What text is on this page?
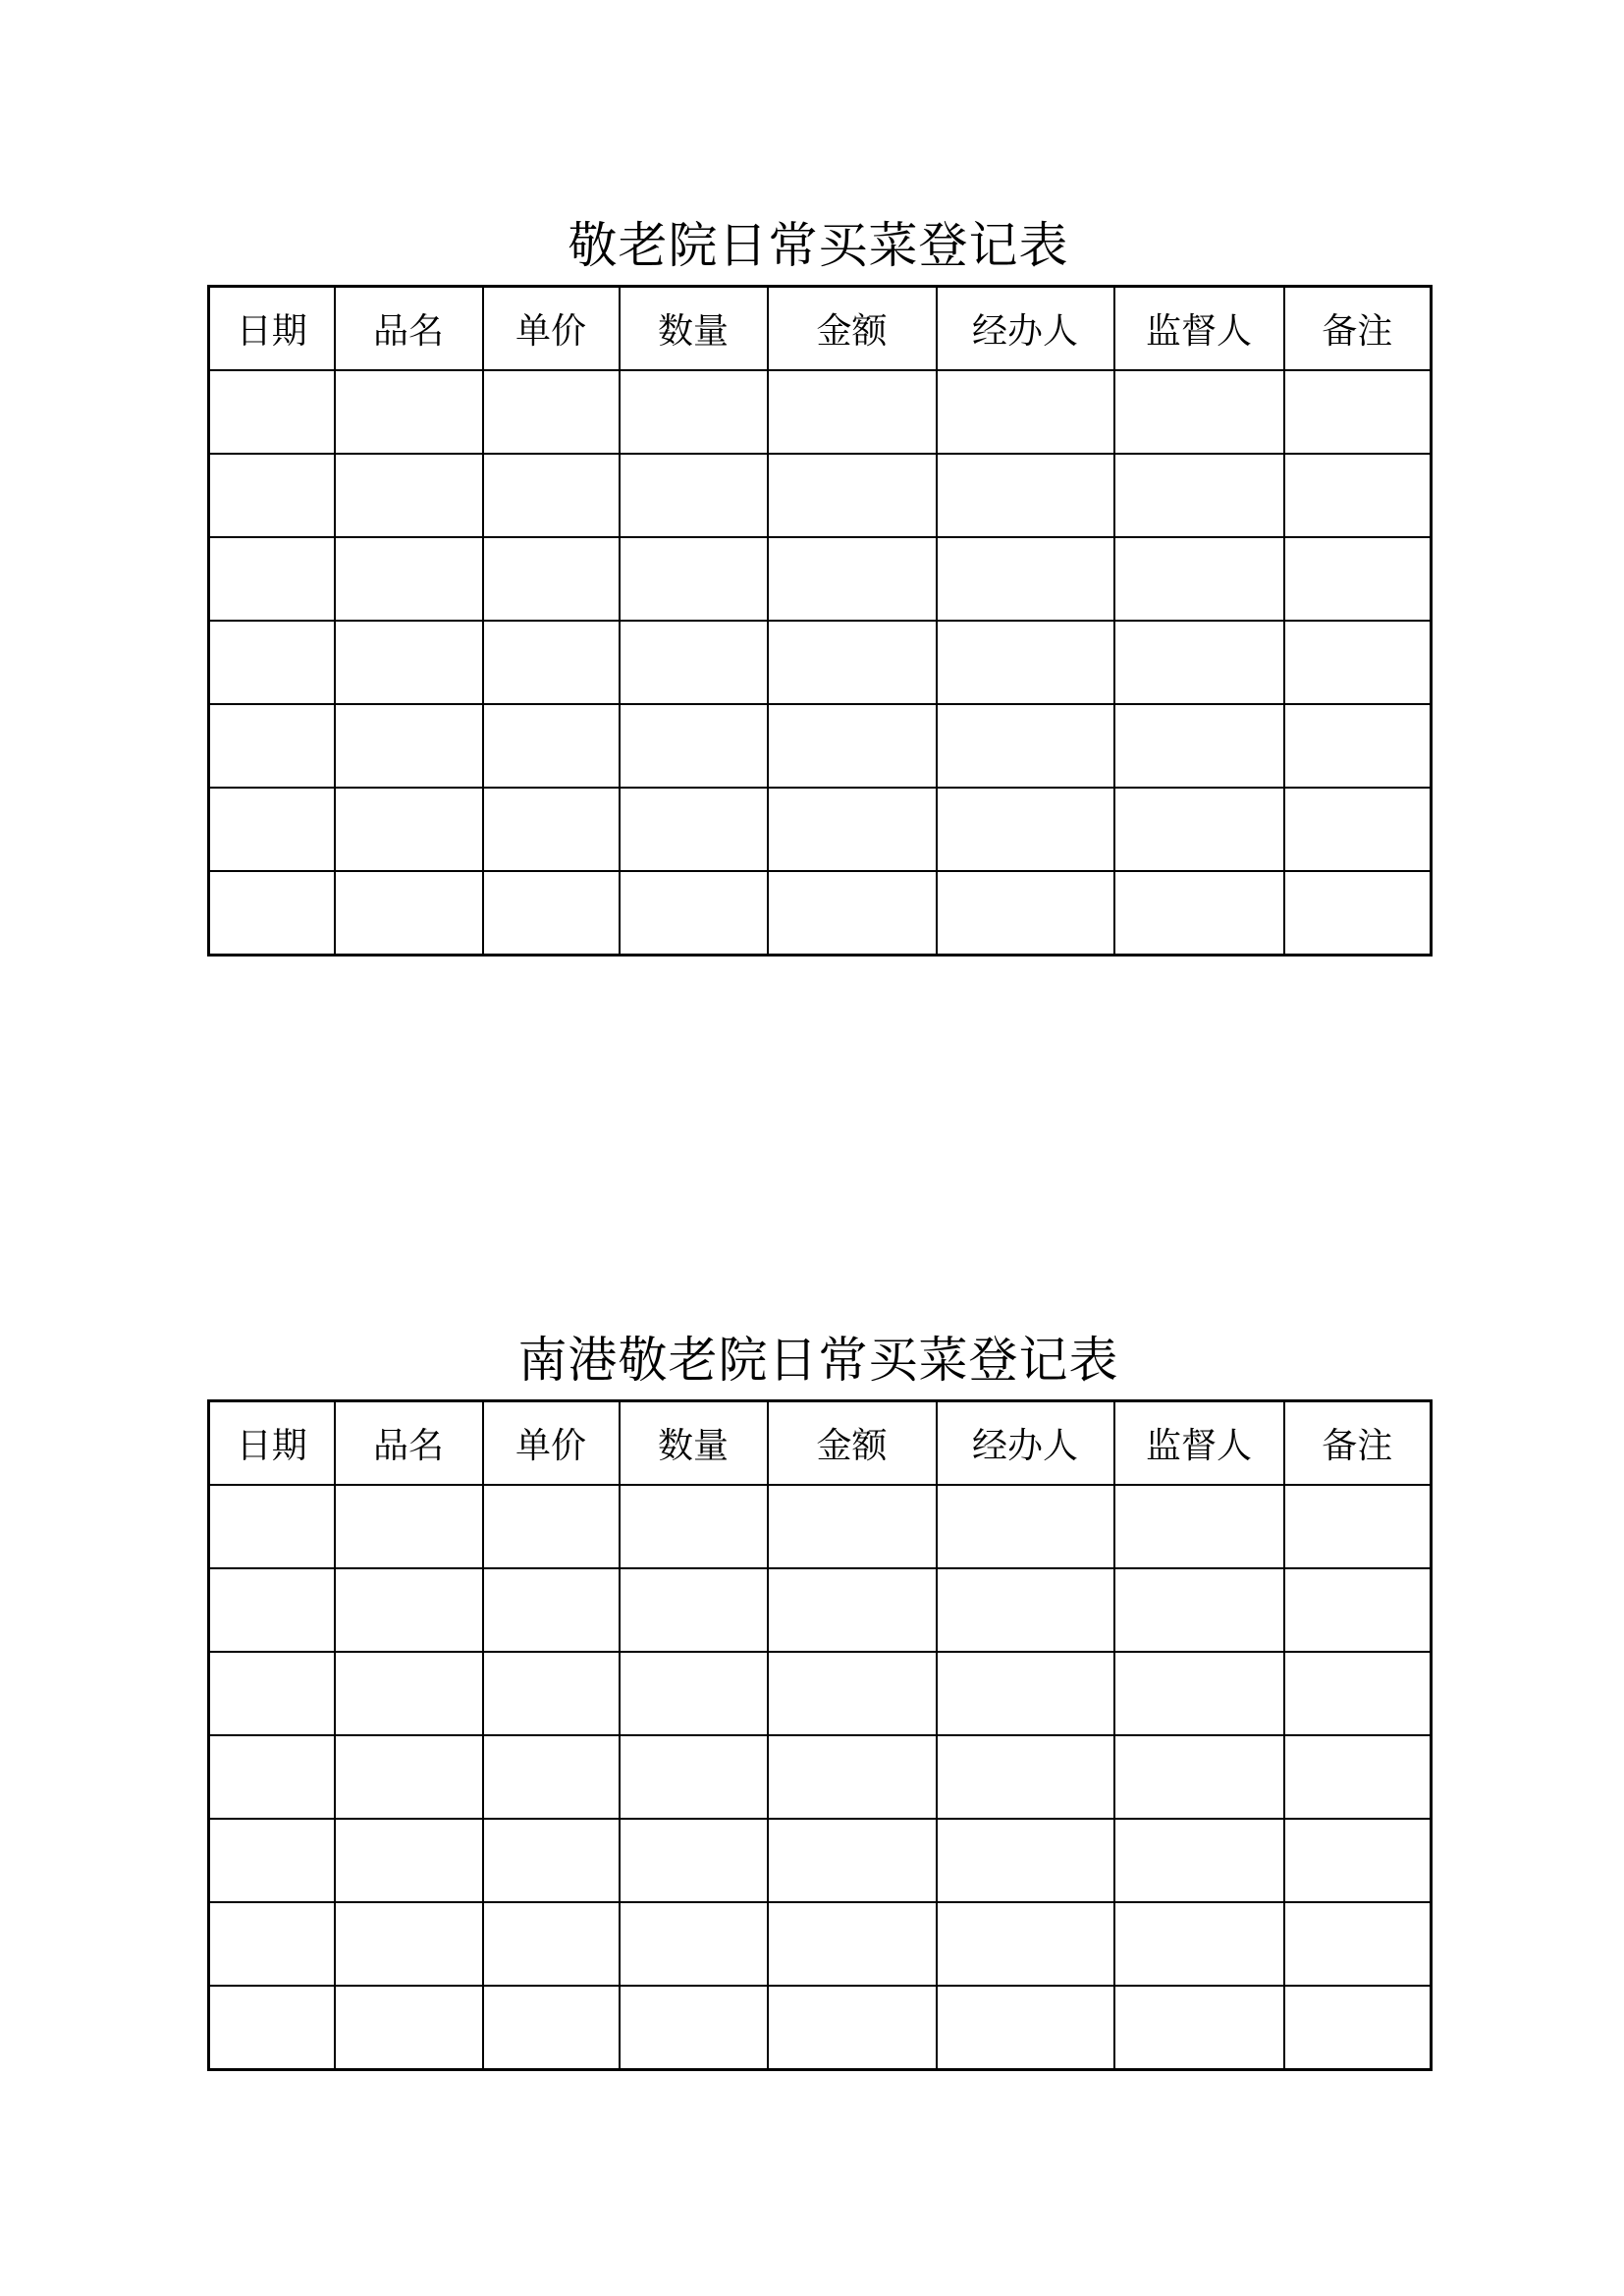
敬老院日常买菜登记表
日期	品名	单价	数量	金额	经办人	监督人	备注

南港敬老院日常买菜登记表
日期	品名	单价	数量	金额	经办人	监督人	备注
